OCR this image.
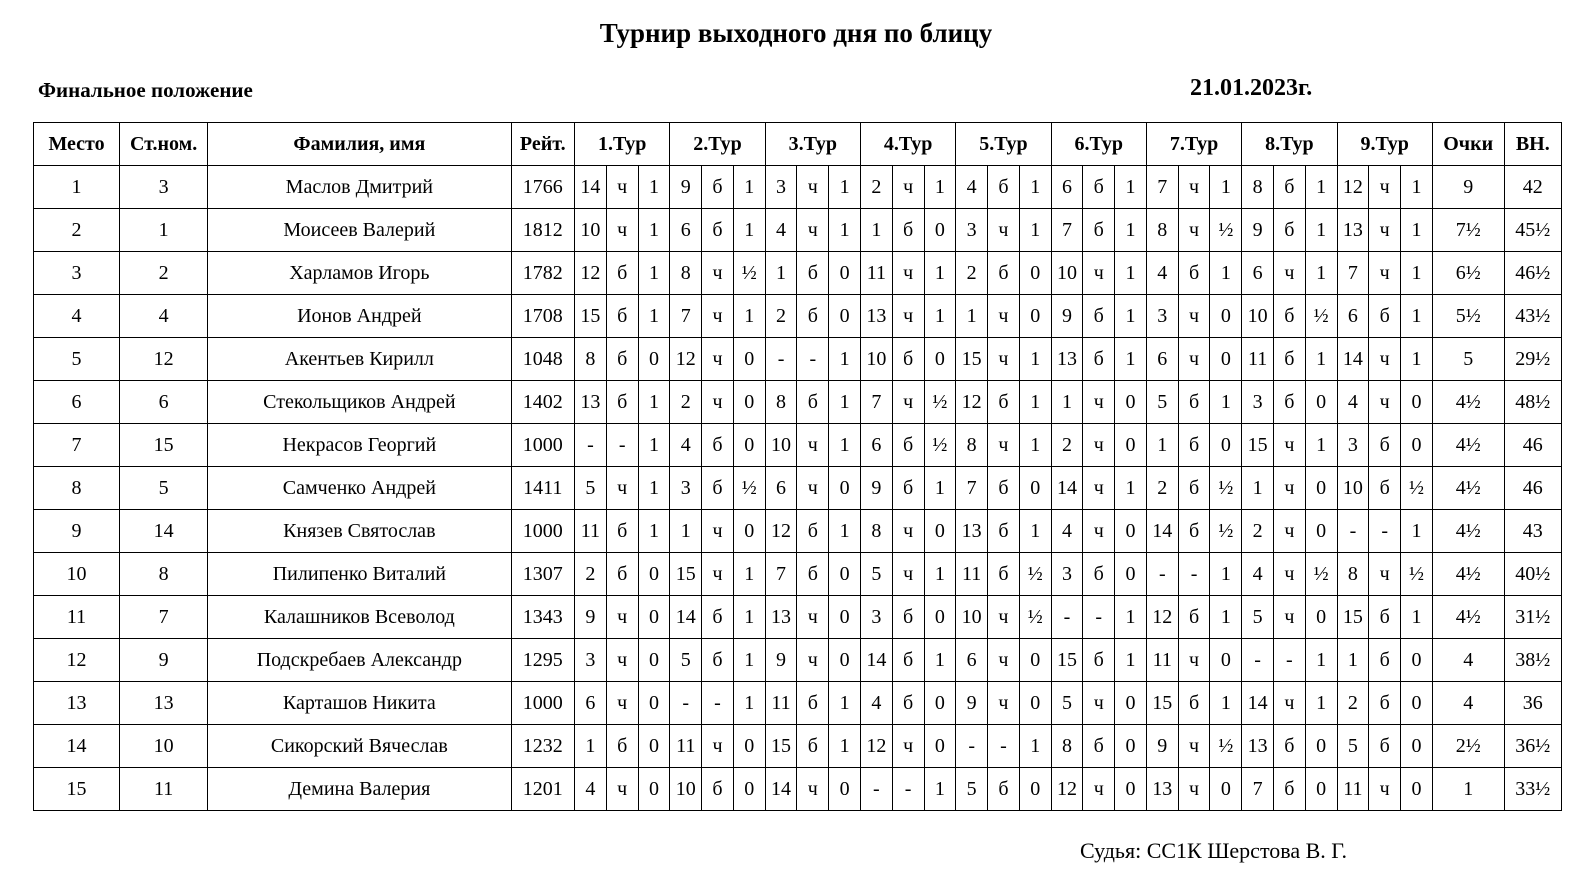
Турнир выходного дня по блицу
Финальное положение	21.01.2023г.
Место	Ст.ном.	Фамилия, имя	Рейт.	1.Тур			2.Тур			3.Тур			4.Тур			5.Тур			6.Тур			7.Тур			8.Тур			9.Тур			Очки	ВН.
1	3	Маслов Дмитрий	1766	14	ч	1	9	б	1	3	ч	1	2	ч	1	4	б	1	6	б	1	7	ч	1	8	б	1	12	ч	1	9	42
2	1	Моисеев Валерий	1812	10	ч	1	6	б	1	4	ч	1	1	б	0	3	ч	1	7	б	1	8	ч	½	9	б	1	13	ч	1	7½	45½
3	2	Харламов Игорь	1782	12	б	1	8	ч	½	1	б	0	11	ч	1	2	б	0	10	ч	1	4	б	1	6	ч	1	7	ч	1	6½	46½
4	4	Ионов Андрей	1708	15	б	1	7	ч	1	2	б	0	13	ч	1	1	ч	0	9	б	1	3	ч	0	10	б	½	6	б	1	5½	43½
5	12	Акентьев Кирилл	1048	8	б	0	12	ч	0	-	-	1	10	б	0	15	ч	1	13	б	1	6	ч	0	11	б	1	14	ч	1	5	29½
6	6	Стекольщиков Андрей	1402	13	б	1	2	ч	0	8	б	1	7	ч	½	12	б	1	1	ч	0	5	б	1	3	б	0	4	ч	0	4½	48½
7	15	Некрасов Георгий	1000	-	-	1	4	б	0	10	ч	1	6	б	½	8	ч	1	2	ч	0	1	б	0	15	ч	1	3	б	0	4½	46
8	5	Самченко Андрей	1411	5	ч	1	3	б	½	6	ч	0	9	б	1	7	б	0	14	ч	1	2	б	½	1	ч	0	10	б	½	4½	46
9	14	Князев Святослав	1000	11	б	1	1	ч	0	12	б	1	8	ч	0	13	б	1	4	ч	0	14	б	½	2	ч	0	-	-	1	4½	43
10	8	Пилипенко Виталий	1307	2	б	0	15	ч	1	7	б	0	5	ч	1	11	б	½	3	б	0	-	-	1	4	ч	½	8	ч	½	4½	40½
11	7	Калашников Всеволод	1343	9	ч	0	14	б	1	13	ч	0	3	б	0	10	ч	½	-	-	1	12	б	1	5	ч	0	15	б	1	4½	31½
12	9	Подскребаев Александр	1295	3	ч	0	5	б	1	9	ч	0	14	б	1	6	ч	0	15	б	1	11	ч	0	-	-	1	1	б	0	4	38½
13	13	Карташов Никита	1000	6	ч	0	-	-	1	11	б	1	4	б	0	9	ч	0	5	ч	0	15	б	1	14	ч	1	2	б	0	4	36
14	10	Сикорский Вячеслав	1232	1	б	0	11	ч	0	15	б	1	12	ч	0	-	-	1	8	б	0	9	ч	½	13	б	0	5	б	0	2½	36½
15	11	Демина Валерия	1201	4	ч	0	10	б	0	14	ч	0	-	-	1	5	б	0	12	ч	0	13	ч	0	7	б	0	11	ч	0	1	33½
Судья: СС1К Шерстова В. Г.
